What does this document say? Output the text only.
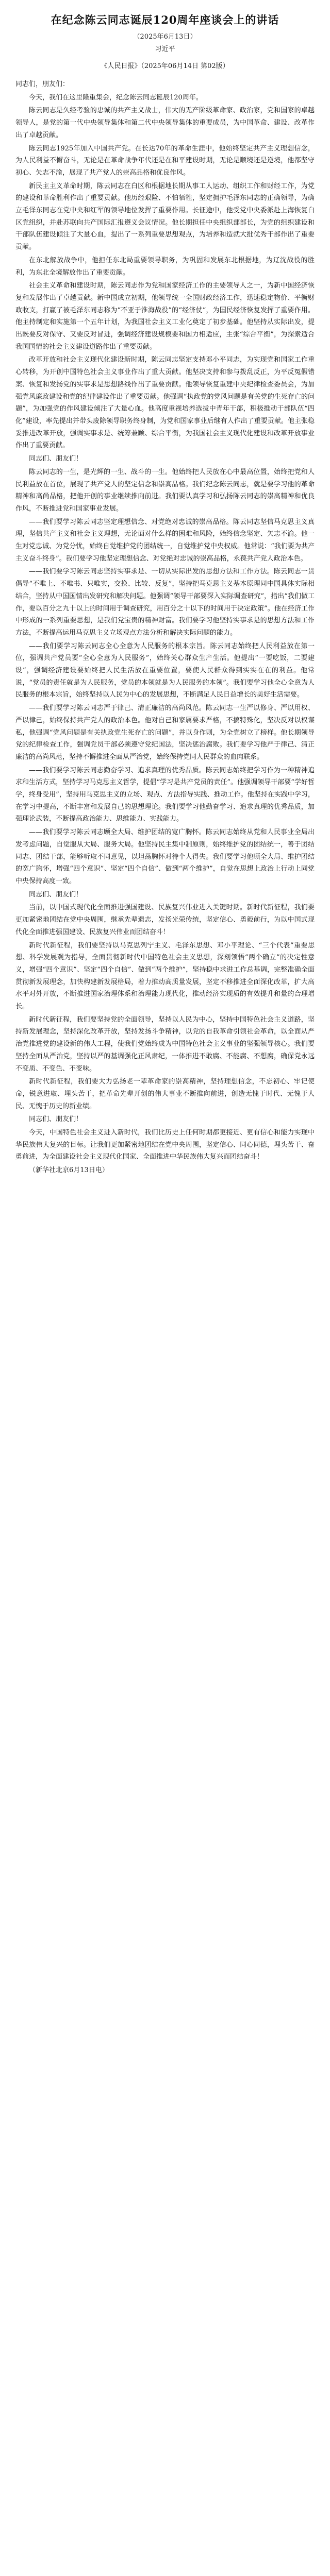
在纪念陈云同志诞辰120周年座谈会上的讲话
（2025年6月13日）
习近平
《人民日报》（2025年06月14日 第02版）

同志们，朋友们：

今天，我们在这里隆重集会，纪念陈云同志诞辰120周年。

陈云同志是久经考验的忠诚的共产主义战士，伟大的无产阶级革命家、政治家，党和国家的卓越领导人，是党的第一代中央领导集体和第二代中央领导集体的重要成员，为中国革命、建设、改革作出了卓越贡献。

陈云同志1925年加入中国共产党。在长达70年的革命生涯中，他始终坚定共产主义理想信念，为人民利益不懈奋斗，无论是在革命战争年代还是在和平建设时期，无论是顺境还是逆境，他都坚守初心、矢志不渝，展现了共产党人的崇高品格和优良作风。

新民主主义革命时期，陈云同志在白区和根据地长期从事工人运动、组织工作和财经工作，为党的建设和革命胜利作出了重要贡献。他历经艰险、不怕牺牲，坚定拥护毛泽东同志的正确领导，为确立毛泽东同志在党中央和红军的领导地位发挥了重要作用。长征途中，他受党中央委派赴上海恢复白区党组织，并赴苏联向共产国际汇报遵义会议情况。他长期担任中央组织部部长，为党的组织建设和干部队伍建设倾注了大量心血，提出了一系列重要思想观点，为培养和造就大批优秀干部作出了重要贡献。

在东北解放战争中，他担任东北局重要领导职务，为巩固和发展东北根据地，为辽沈战役的胜利，为东北全境解放作出了重要贡献。

社会主义革命和建设时期，陈云同志作为党和国家经济工作的主要领导人之一，为新中国经济恢复和发展作出了卓越贡献。新中国成立初期，他领导统一全国财政经济工作，迅速稳定物价、平衡财政收支，打赢了被毛泽东同志称为“不亚于淮海战役”的“经济仗”，为国民经济恢复发挥了重要作用。他主持制定和实施第一个五年计划，为我国社会主义工业化奠定了初步基础。他坚持从实际出发，提出既要反对保守、又要反对冒进，强调经济建设规模要和国力相适应，主张“综合平衡”，为探索适合我国国情的社会主义建设道路作出了重要贡献。

改革开放和社会主义现代化建设新时期，陈云同志坚定支持邓小平同志，为实现党和国家工作重心转移，为开创中国特色社会主义事业作出了重大贡献。他坚决支持和参与拨乱反正，为平反冤假错案、恢复和发扬党的实事求是思想路线作出了重要贡献。他领导恢复重建中央纪律检查委员会，为加强党风廉政建设和党的纪律建设作出了重要贡献。他强调“执政党的党风问题是有关党的生死存亡的问题”，为加强党的作风建设倾注了大量心血。他高度重视培养选拔中青年干部，积极推动干部队伍“四化”建设，率先提出并带头废除领导职务终身制，为党和国家事业后继有人作出了重要贡献。他主张稳妥推进改革开放，强调实事求是、统筹兼顾、综合平衡，为我国社会主义现代化建设和改革开放事业作出了重要贡献。

同志们、朋友们！

陈云同志的一生，是光辉的一生、战斗的一生。他始终把人民放在心中最高位置，始终把党和人民利益放在首位，展现了共产党人的坚定信念和崇高品格。我们纪念陈云同志，就是要学习他的革命精神和高尚品格，把他开创的事业继续推向前进。我们要认真学习和弘扬陈云同志的崇高精神和优良作风，不断推进党和国家事业发展。

——我们要学习陈云同志坚定理想信念、对党绝对忠诚的崇高品格。陈云同志坚信马克思主义真理，坚信共产主义和社会主义理想，无论面对什么样的困难和风险，始终信念坚定、矢志不渝。他一生对党忠诚、为党分忧，始终自觉维护党的团结统一，自觉维护党中央权威。他常说：“我们要为共产主义奋斗终身”。我们要学习他坚定理想信念、对党绝对忠诚的崇高品格，永葆共产党人政治本色。

——我们要学习陈云同志坚持实事求是、一切从实际出发的思想方法和工作方法。陈云同志一贯倡导“不唯上、不唯书、只唯实，交换、比较、反复”，坚持把马克思主义基本原理同中国具体实际相结合，坚持从中国国情出发研究和解决问题。他强调“领导干部要深入实际调查研究”，指出“我们做工作，要以百分之九十以上的时间用于调查研究，用百分之十以下的时间用于决定政策”。他在经济工作中形成的一系列重要思想，是我们党宝贵的精神财富。我们要学习他坚持实事求是的思想方法和工作方法，不断提高运用马克思主义立场观点方法分析和解决实际问题的能力。

——我们要学习陈云同志全心全意为人民服务的根本宗旨。陈云同志始终把人民利益放在第一位，强调共产党员要“全心全意为人民服务”，始终关心群众生产生活。他提出“一要吃饭，二要建设”，强调经济建设要始终把人民生活放在重要位置，要使人民群众得到实实在在的利益。他常说，“党员的责任就是为人民服务，党员的本领就是为人民服务的本领”。我们要学习他全心全意为人民服务的根本宗旨，始终坚持以人民为中心的发展思想，不断满足人民日益增长的美好生活需要。

——我们要学习陈云同志严于律己、清正廉洁的高尚风范。陈云同志一生严以修身、严以用权、严以律己，始终保持共产党人的政治本色。他对自己和家属要求严格，不搞特殊化，坚决反对以权谋私，他强调“党风问题是有关执政党生死存亡的问题”，并以身作则，为全党树立了榜样。他长期领导党的纪律检查工作，强调党员干部必须遵守党纪国法，坚决惩治腐败。我们要学习他严于律己、清正廉洁的高尚风范，坚持不懈推进全面从严治党，始终保持党同人民群众的血肉联系。

——我们要学习陈云同志勤奋学习、追求真理的优秀品质。陈云同志始终把学习作为一种精神追求和生活方式，坚持学习马克思主义哲学，提倡“学习是共产党员的责任”。他强调领导干部要“学好哲学，终身受用”，坚持用马克思主义的立场、观点、方法指导实践、推动工作。他坚持在实践中学习，在学习中提高，不断丰富和发展自己的思想理论。我们要学习他勤奋学习、追求真理的优秀品质，加强理论武装，不断提高政治能力、思维能力、实践能力。

——我们要学习陈云同志顾全大局、维护团结的宽广胸怀。陈云同志始终从党和人民事业全局出发考虑问题，自觉服从大局、服务大局。他坚持民主集中制原则，始终维护党的团结统一，善于团结同志、团结干部，能够听取不同意见，以坦荡胸怀对待个人得失。我们要学习他顾全大局、维护团结的宽广胸怀，增强“四个意识”、坚定“四个自信”、做到“两个维护”，自觉在思想上政治上行动上同党中央保持高度一致。

同志们、朋友们！

当前，以中国式现代化全面推进强国建设、民族复兴伟业进入关键时期。新时代新征程，我们要更加紧密地团结在党中央周围，继承先辈遗志，发扬光荣传统，坚定信心、勇毅前行，为以中国式现代化全面推进强国建设、民族复兴伟业而团结奋斗！

新时代新征程，我们要坚持以马克思列宁主义、毛泽东思想、邓小平理论、“三个代表”重要思想、科学发展观为指导，全面贯彻新时代中国特色社会主义思想，深刻领悟“两个确立”的决定性意义，增强“四个意识”、坚定“四个自信”、做到“两个维护”，坚持稳中求进工作总基调，完整准确全面贯彻新发展理念，加快构建新发展格局，着力推动高质量发展，坚定不移推进全面深化改革，扩大高水平对外开放，不断推进国家治理体系和治理能力现代化，推动经济实现质的有效提升和量的合理增长。

新时代新征程，我们要坚持党的全面领导，坚持以人民为中心，坚持中国特色社会主义道路，坚持新发展理念，坚持深化改革开放，坚持发扬斗争精神，以党的自我革命引领社会革命，以全面从严治党推进党的建设新的伟大工程，使我们党始终成为中国特色社会主义事业的坚强领导核心。我们要坚持全面从严治党，坚持以严的基调强化正风肃纪，一体推进不敢腐、不能腐、不想腐，确保党永远不变质、不变色、不变味。

新时代新征程，我们要大力弘扬老一辈革命家的崇高精神，坚持理想信念，不忘初心、牢记使命，锐意进取、埋头苦干，把革命先辈开创的伟大事业不断推向前进，创造无愧于时代、无愧于人民、无愧于历史的新业绩。

同志们、朋友们！

今天，中国特色社会主义进入新时代，我们比历史上任何时期都更接近、更有信心和能力实现中华民族伟大复兴的目标。让我们更加紧密地团结在党中央周围，坚定信心、同心同德，埋头苦干、奋勇前进，为全面建设社会主义现代化国家、全面推进中华民族伟大复兴而团结奋斗！

（新华社北京6月13日电）
